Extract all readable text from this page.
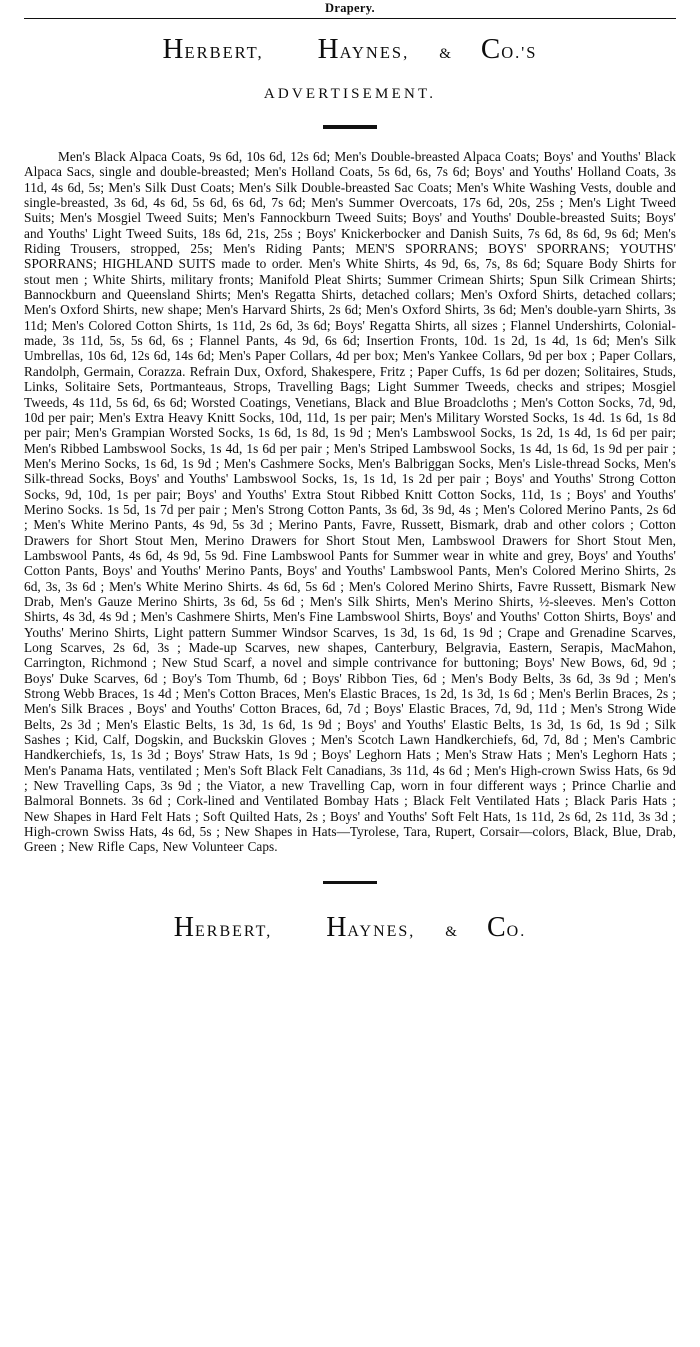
Drapery.
HERBERT, HAYNES, & CO.'S
ADVERTISEMENT.
Men's Black Alpaca Coats, 9s 6d, 10s 6d, 12s 6d; Men's Double-breasted Alpaca Coats; Boys' and Youths' Black Alpaca Sacs, single and double-breasted; Men's Holland Coats, 5s 6d, 6s, 7s 6d; Boys' and Youths' Holland Coats, 3s 11d, 4s 6d, 5s; Men's Silk Dust Coats; Men's Silk Double-breasted Sac Coats; Men's White Washing Vests, double and single-breasted, 3s 6d, 4s 6d, 5s 6d, 6s 6d, 7s 6d; Men's Summer Overcoats, 17s 6d, 20s, 25s ; Men's Light Tweed Suits; Men's Mosgiel Tweed Suits; Men's Fannockburn Tweed Suits; Boys' and Youths' Double-breasted Suits; Boys' and Youths' Light Tweed Suits, 18s 6d, 21s, 25s ; Boys' Knickerbocker and Danish Suits, 7s 6d, 8s 6d, 9s 6d; Men's Riding Trousers, stropped, 25s; Men's Riding Pants; MEN'S SPORRANS; BOYS' SPORRANS; YOUTHS' SPORRANS; HIGHLAND SUITS made to order. Men's White Shirts, 4s 9d, 6s, 7s, 8s 6d; Square Body Shirts for stout men ; White Shirts, military fronts; Manifold Pleat Shirts; Summer Crimean Shirts; Spun Silk Crimean Shirts; Bannockburn and Queensland Shirts; Men's Regatta Shirts, detached collars; Men's Oxford Shirts, detached collars; Men's Oxford Shirts, new shape; Men's Harvard Shirts, 2s 6d; Men's Oxford Shirts, 3s 6d; Men's double-yarn Shirts, 3s 11d; Men's Colored Cotton Shirts, 1s 11d, 2s 6d, 3s 6d; Boys' Regatta Shirts, all sizes ; Flannel Undershirts, Colonial-made, 3s 11d, 5s, 5s 6d, 6s ; Flannel Pants, 4s 9d, 6s 6d; Insertion Fronts, 10d. 1s 2d, 1s 4d, 1s 6d; Men's Silk Umbrellas, 10s 6d, 12s 6d, 14s 6d; Men's Paper Collars, 4d per box; Men's Yankee Collars, 9d per box ; Paper Collars, Randolph, Germain, Corazza. Refrain Dux, Oxford, Shakespere, Fritz ; Paper Cuffs, 1s 6d per dozen; Solitaires, Studs, Links, Solitaire Sets, Portmanteaus, Strops, Travelling Bags; Light Summer Tweeds, checks and stripes; Mosgiel Tweeds, 4s 11d, 5s 6d, 6s 6d; Worsted Coatings, Venetians, Black and Blue Broadcloths ; Men's Cotton Socks, 7d, 9d, 10d per pair; Men's Extra Heavy Knitt Socks, 10d, 11d, 1s per pair; Men's Military Worsted Socks, 1s 4d. 1s 6d, 1s 8d per pair; Men's Grampian Worsted Socks, 1s 6d, 1s 8d, 1s 9d ; Men's Lambswool Socks, 1s 2d, 1s 4d, 1s 6d per pair; Men's Ribbed Lambswool Socks, 1s 4d, 1s 6d per pair ; Men's Striped Lambswool Socks, 1s 4d, 1s 6d, 1s 9d per pair ; Men's Merino Socks, 1s 6d, 1s 9d ; Men's Cashmere Socks, Men's Balbriggan Socks, Men's Lisle-thread Socks, Men's Silk-thread Socks, Boys' and Youths' Lambswool Socks, 1s, 1s 1d, 1s 2d per pair ; Boys' and Youths' Strong Cotton Socks, 9d, 10d, 1s per pair; Boys' and Youths' Extra Stout Ribbed Knitt Cotton Socks, 11d, 1s ; Boys' and Youths' Merino Socks. 1s 5d, 1s 7d per pair ; Men's Strong Cotton Pants, 3s 6d, 3s 9d, 4s ; Men's Colored Merino Pants, 2s 6d ; Men's White Merino Pants, 4s 9d, 5s 3d ; Merino Pants, Favre, Russett, Bismark, drab and other colors ; Cotton Drawers for Short Stout Men, Merino Drawers for Short Stout Men, Lambswool Drawers for Short Stout Men, Lambswool Pants, 4s 6d, 4s 9d, 5s 9d. Fine Lambswool Pants for Summer wear in white and grey, Boys' and Youths' Cotton Pants, Boys' and Youths' Merino Pants, Boys' and Youths' Lambswool Pants, Men's Colored Merino Shirts, 2s 6d, 3s, 3s 6d ; Men's White Merino Shirts. 4s 6d, 5s 6d ; Men's Colored Merino Shirts, Favre Russett, Bismark New Drab, Men's Gauze Merino Shirts, 3s 6d, 5s 6d ; Men's Silk Shirts, Men's Merino Shirts, ½-sleeves. Men's Cotton Shirts, 4s 3d, 4s 9d ; Men's Cashmere Shirts, Men's Fine Lambswool Shirts, Boys' and Youths' Cotton Shirts, Boys' and Youths' Merino Shirts, Light pattern Summer Windsor Scarves, 1s 3d, 1s 6d, 1s 9d ; Crape and Grenadine Scarves, Long Scarves, 2s 6d, 3s ; Made-up Scarves, new shapes, Canterbury, Belgravia, Eastern, Serapis, MacMahon, Carrington, Richmond ; New Stud Scarf, a novel and simple contrivance for buttoning; Boys' New Bows, 6d, 9d ; Boys' Duke Scarves, 6d ; Boy's Tom Thumb, 6d ; Boys' Ribbon Ties, 6d ; Men's Body Belts, 3s 6d, 3s 9d ; Men's Strong Webb Braces, 1s 4d ; Men's Cotton Braces, Men's Elastic Braces, 1s 2d, 1s 3d, 1s 6d ; Men's Berlin Braces, 2s ; Men's Silk Braces , Boys' and Youths' Cotton Braces, 6d, 7d ; Boys' Elastic Braces, 7d, 9d, 11d ; Men's Strong Wide Belts, 2s 3d ; Men's Elastic Belts, 1s 3d, 1s 6d, 1s 9d ; Boys' and Youths' Elastic Belts, 1s 3d, 1s 6d, 1s 9d ; Silk Sashes ; Kid, Calf, Dogskin, and Buckskin Gloves ; Men's Scotch Lawn Handkerchiefs, 6d, 7d, 8d ; Men's Cambric Handkerchiefs, 1s, 1s 3d ; Boys' Straw Hats, 1s 9d ; Boys' Leghorn Hats ; Men's Straw Hats ; Men's Leghorn Hats ; Men's Panama Hats, ventilated ; Men's Soft Black Felt Canadians, 3s 11d, 4s 6d ; Men's High-crown Swiss Hats, 6s 9d ; New Travelling Caps, 3s 9d ; the Viator, a new Travelling Cap, worn in four different ways ; Prince Charlie and Balmoral Bonnets. 3s 6d ; Cork-lined and Ventilated Bombay Hats ; Black Felt Ventilated Hats ; Black Paris Hats ; New Shapes in Hard Felt Hats ; Soft Quilted Hats, 2s ; Boys' and Youths' Soft Felt Hats, 1s 11d, 2s 6d, 2s 11d, 3s 3d ; High-crown Swiss Hats, 4s 6d, 5s ; New Shapes in Hats—Tyrolese, Tara, Rupert, Corsair—colors, Black, Blue, Drab, Green ; New Rifle Caps, New Volunteer Caps.
HERBERT, HAYNES, & CO.
